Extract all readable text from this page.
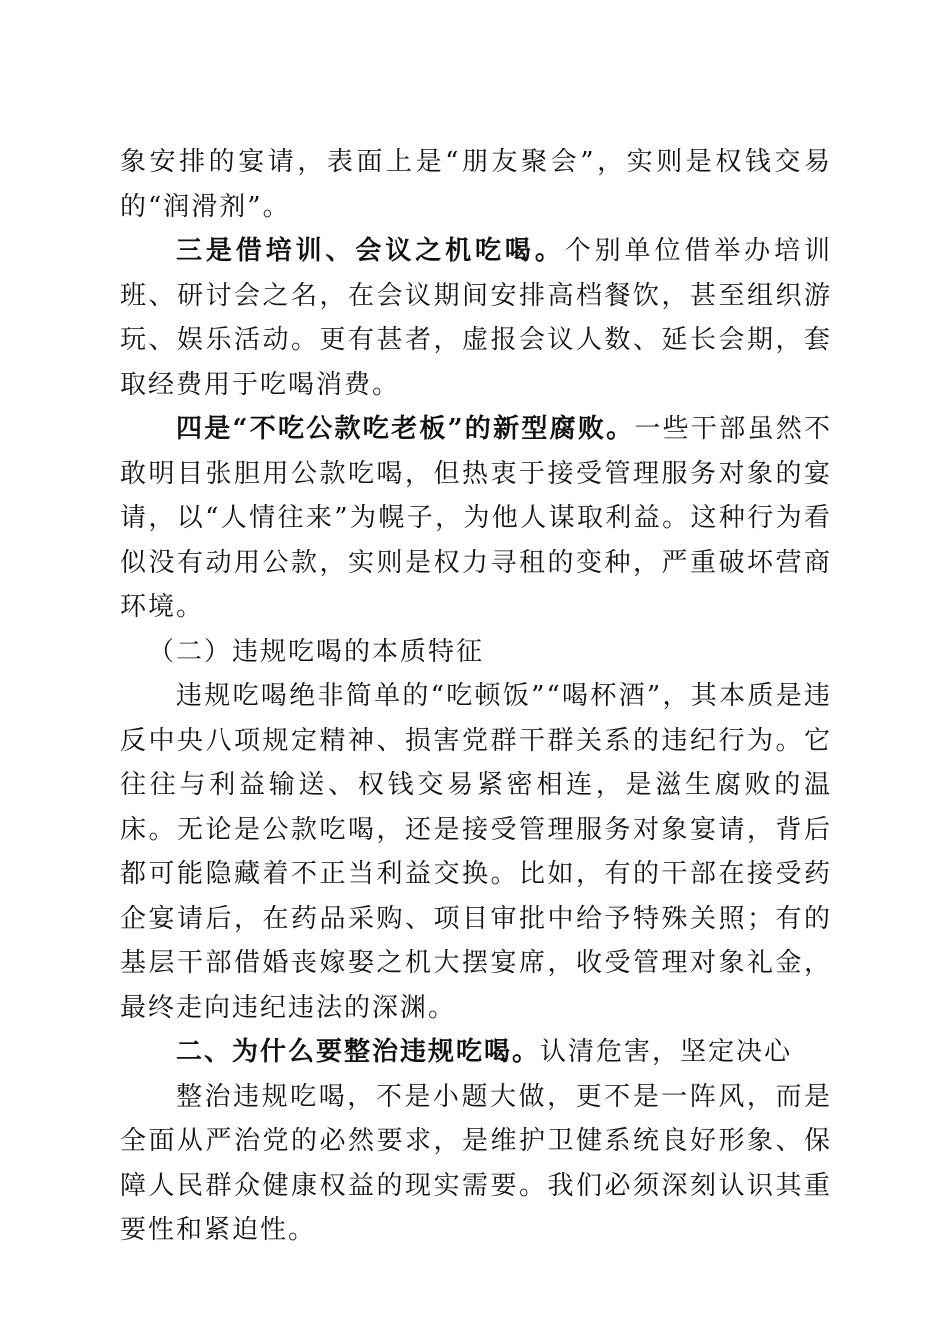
象安排的宴请，表面上是“朋友聚会”，实则是权钱交易的“润滑剂”。

三是借培训、会议之机吃喝。个别单位借举办培训班、研讨会之名，在会议期间安排高档餐饮，甚至组织游玩、娱乐活动。更有甚者，虚报会议人数、延长会期，套取经费用于吃喝消费。

四是“不吃公款吃老板”的新型腐败。一些干部虽然不敢明目张胆用公款吃喝，但热衷于接受管理服务对象的宴请，以“人情往来”为幌子，为他人谋取利益。这种行为看似没有动用公款，实则是权力寻租的变种，严重破坏营商环境。

（二）违规吃喝的本质特征

违规吃喝绝非简单的“吃顿饭”“喝杯酒”，其本质是违反中央八项规定精神、损害党群干群关系的违纪行为。它往往与利益输送、权钱交易紧密相连，是滋生腐败的温床。无论是公款吃喝，还是接受管理服务对象宴请，背后都可能隐藏着不正当利益交换。比如，有的干部在接受药企宴请后，在药品采购、项目审批中给予特殊关照；有的基层干部借婚丧嫁娶之机大摆宴席，收受管理对象礼金，最终走向违纪违法的深渊。

二、为什么要整治违规吃喝。认清危害，坚定决心

整治违规吃喝，不是小题大做，更不是一阵风，而是全面从严治党的必然要求，是维护卫健系统良好形象、保障人民群众健康权益的现实需要。我们必须深刻认识其重要性和紧迫性。
